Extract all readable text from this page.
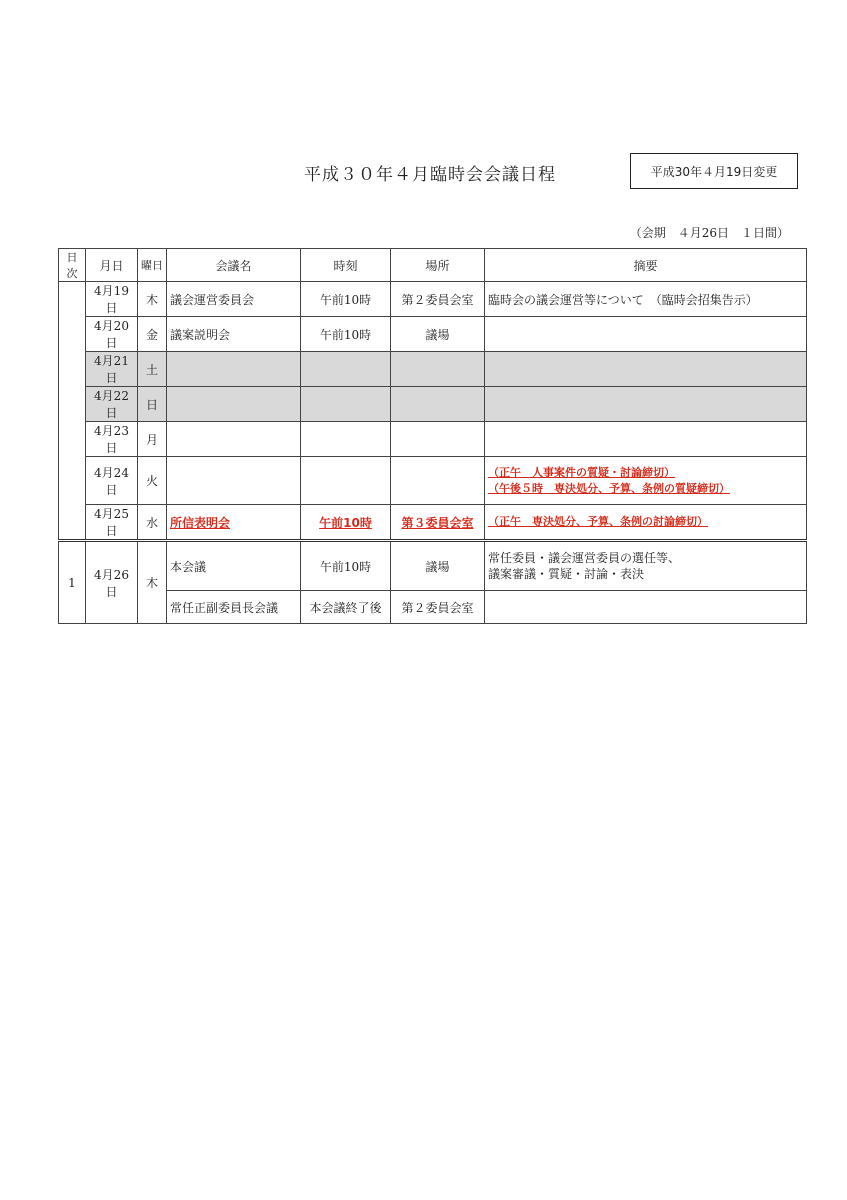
平成３０年４月臨時会会議日程	平成30年４月19日変更
（会期　４月26日　１日間）
日次	月日	曜日	会議名	時刻	場所	摘要
	4月19日	木	議会運営委員会	午前10時	第２委員会室	臨時会の議会運営等について　（臨時会招集告示）
	4月20日	金	議案説明会	午前10時	議場	
	4月21日	土				
	4月22日	日				
	4月23日	月				
	4月24日	火				（正午　人事案件の質疑・討論締切）
（午後５時　専決処分、予算、条例の質疑締切）

	4月25日	水	所信表明会	午前10時	第３委員会室	（正午　専決処分、予算、条例の討論締切）
1	4月26日	木	本会議	午前10時	議場	常任委員・議会運営委員の選任等、
議案審議・質疑・討論・表決

			常任正副委員長会議	本会議終了後	第２委員会室	
